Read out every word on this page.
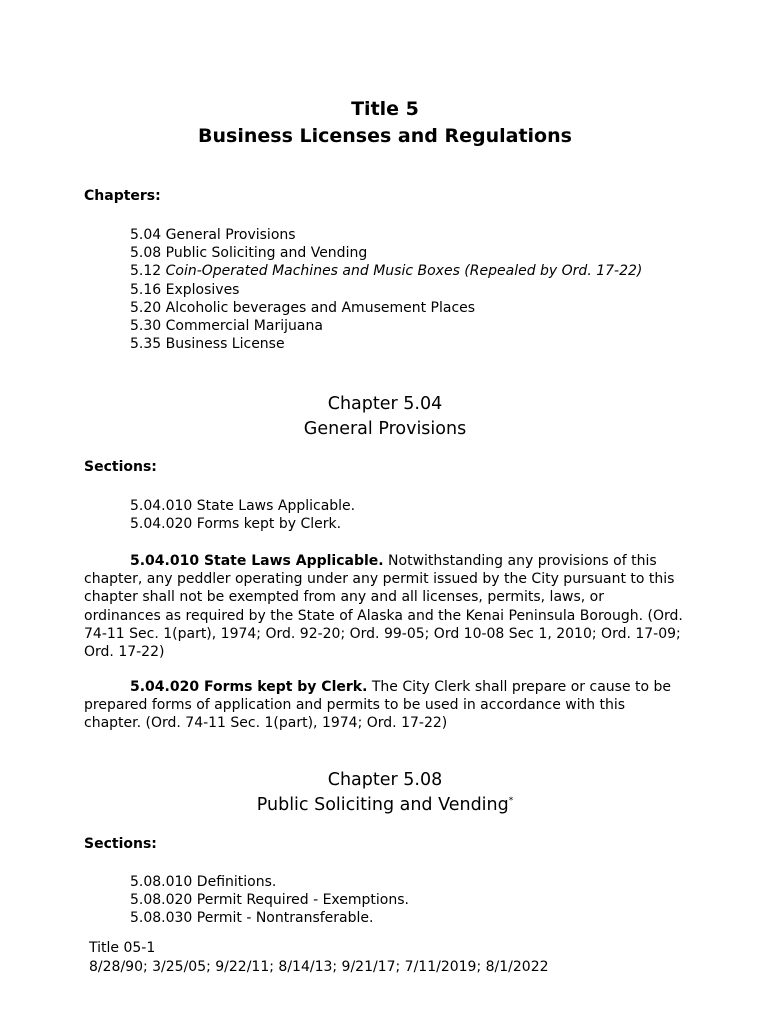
Title 5
Business Licenses and Regulations
Chapters:
5.04 General Provisions
5.08 Public Soliciting and Vending
5.12 Coin-Operated Machines and Music Boxes (Repealed by Ord. 17-22)
5.16 Explosives
5.20 Alcoholic beverages and Amusement Places
5.30 Commercial Marijuana
5.35 Business License
Chapter 5.04
General Provisions
Sections:
5.04.010 State Laws Applicable.
5.04.020 Forms kept by Clerk.

5.04.010 State Laws Applicable. Notwithstanding any provisions of this chapter, any peddler operating under any permit issued by the City pursuant to this chapter shall not be exempted from any and all licenses, permits, laws, or ordinances as required by the State of Alaska and the Kenai Peninsula Borough. (Ord. 74-11 Sec. 1(part), 1974; Ord. 92-20; Ord. 99-05; Ord 10-08 Sec 1, 2010; Ord. 17-09; Ord. 17-22)

5.04.020 Forms kept by Clerk. The City Clerk shall prepare or cause to be prepared forms of application and permits to be used in accordance with this chapter. (Ord. 74-11 Sec. 1(part), 1974; Ord. 17-22)

Chapter 5.08
Public Soliciting and Vending*
Sections:
5.08.010 Definitions.
5.08.020 Permit Required - Exemptions.
5.08.030 Permit - Nontransferable.
Title 05-1
8/28/90; 3/25/05; 9/22/11; 8/14/13; 9/21/17; 7/11/2019; 8/1/2022
